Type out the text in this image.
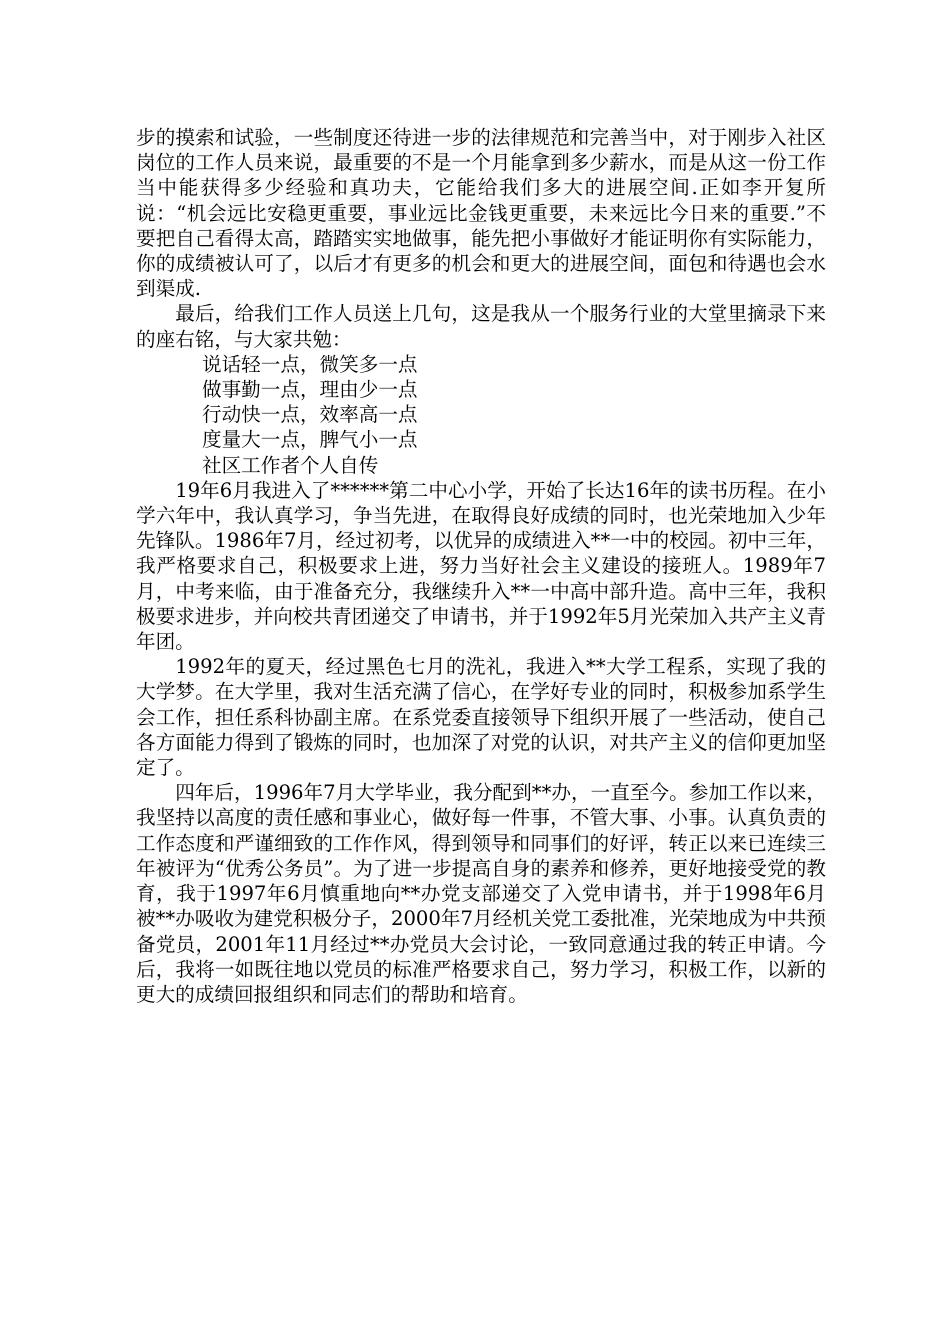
步的摸索和试验，一些制度还待进一步的法律规范和完善当中，对于刚步入社区岗位的工作人员来说，最重要的不是一个月能拿到多少薪水，而是从这一份工作当中能获得多少经验和真功夫，它能给我们多大的进展空间.正如李开复所说：“机会远比安稳更重要，事业远比金钱更重要，未来远比今日来的重要.”不要把自己看得太高，踏踏实实地做事，能先把小事做好才能证明你有实际能力，你的成绩被认可了，以后才有更多的机会和更大的进展空间，面包和待遇也会水到渠成.

最后，给我们工作人员送上几句，这是我从一个服务行业的大堂里摘录下来的座右铭，与大家共勉：

说话轻一点，微笑多一点

做事勤一点，理由少一点

行动快一点，效率高一点

度量大一点，脾气小一点

社区工作者个人自传

19年6月我进入了******第二中心小学，开始了长达16年的读书历程。在小学六年中，我认真学习，争当先进，在取得良好成绩的同时，也光荣地加入少年先锋队。1986年7月，经过初考，以优异的成绩进入**一中的校园。初中三年，我严格要求自己，积极要求上进，努力当好社会主义建设的接班人。1989年7月，中考来临，由于准备充分，我继续升入**一中高中部升造。高中三年，我积极要求进步，并向校共青团递交了申请书，并于1992年5月光荣加入共产主义青年团。

1992年的夏天，经过黑色七月的洗礼，我进入**大学工程系，实现了我的大学梦。在大学里，我对生活充满了信心，在学好专业的同时，积极参加系学生会工作，担任系科协副主席。在系党委直接领导下组织开展了一些活动，使自己各方面能力得到了锻炼的同时，也加深了对党的认识，对共产主义的信仰更加坚定了。

四年后，1996年7月大学毕业，我分配到**办，一直至今。参加工作以来，我坚持以高度的责任感和事业心，做好每一件事，不管大事、小事。认真负责的工作态度和严谨细致的工作作风，得到领导和同事们的好评，转正以来已连续三年被评为“优秀公务员”。为了进一步提高自身的素养和修养，更好地接受党的教育，我于1997年6月慎重地向**办党支部递交了入党申请书，并于1998年6月被**办吸收为建党积极分子，2000年7月经机关党工委批准，光荣地成为中共预备党员，2001年11月经过**办党员大会讨论，一致同意通过我的转正申请。今后，我将一如既往地以党员的标准严格要求自己，努力学习，积极工作，以新的更大的成绩回报组织和同志们的帮助和培育。
